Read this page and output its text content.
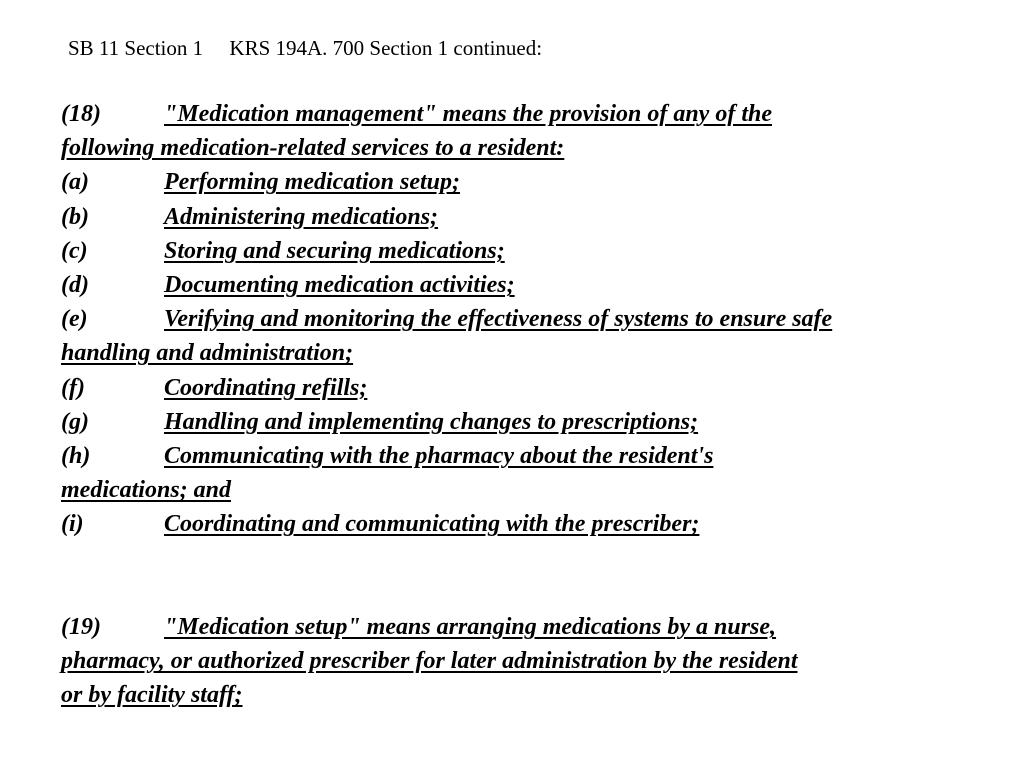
SB 11 Section 1 KRS 194A. 700 Section 1 continued:
(18)	"Medication management" means the provision of any of the
following medication-related services to a resident:
(a)	Performing medication setup;
(b)	Administering medications;
(c)	Storing and securing medications;
(d)	Documenting medication activities;
(e)	Verifying and monitoring the effectiveness of systems to ensure safe
handling and administration;
(f)	Coordinating refills;
(g)	Handling and implementing changes to prescriptions;
(h)	Communicating with the pharmacy about the resident's
medications; and
(i)	Coordinating and communicating with the prescriber;
(19)	"Medication setup" means arranging medications by a nurse,
pharmacy, or authorized prescriber for later administration by the resident
or by facility staff;
